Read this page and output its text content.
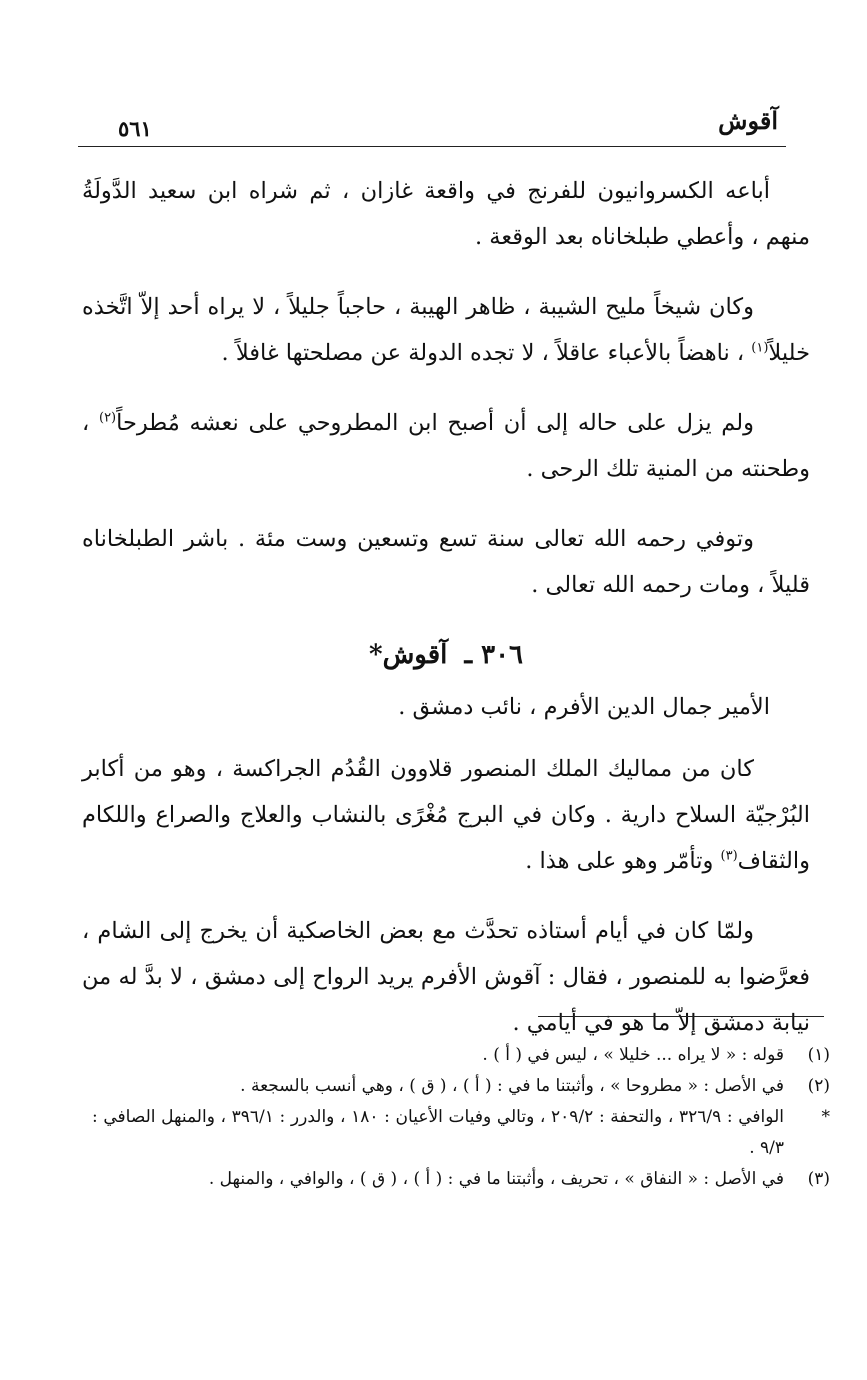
آقوش
٥٦١

أباعه الكسروانيون للفرنج في واقعة غازان ، ثم شراه ابن سعيد الدَّولَةُ منهم ، وأعطي طبلخاناه بعد الوقعة .

وكان شيخاً مليح الشيبة ، ظاهر الهيبة ، حاجباً جليلاً ، لا يراه أحد إلاّ اتَّخذه خليلاً$^{(١)}$ ، ناهضاً بالأعباء عاقلاً ، لا تجده الدولة عن مصلحتها غافلاً .

ولم يزل على حاله إلى أن أصبح ابن المطروحي على نعشه مُطرحاً$^{(٢)}$ ، وطحنته من المنية تلك الرحى .

وتوفي رحمه الله تعالى سنة تسع وتسعين وست مئة . باشر الطبلخاناه قليلاً ، ومات رحمه الله تعالى .

٣٠٦ ـ آقوش*

الأمير جمال الدين الأفرم ، نائب دمشق .

كان من مماليك الملك المنصور قلاوون القُدُم الجراكسة ، وهو من أكابر البُرْجيّة السلاح دارية . وكان في البرج مُغْرًى بالنشاب والعلاج والصراع واللكام والثقاف$^{(٣)}$ وتأمّر وهو على هذا .

ولمّا كان في أيام أستاذه تحدَّث مع بعض الخاصكية أن يخرج إلى الشام ، فعرَّضوا به للمنصور ، فقال : آقوش الأفرم يريد الرواح إلى دمشق ، لا بدَّ له من نيابة دمشق إلاّ ما هو في أيامي .

(١)
قوله : « لا يراه ... خليلا » ، ليس في ( أ ) .
(٢)
في الأصل : « مطروحا » ، وأثبتنا ما في : ( أ ) ، ( ق ) ، وهي أنسب بالسجعة .
*
الوافي : ٣٢٦/٩ ، والتحفة : ٢٠٩/٢ ، وتالي وفيات الأعيان : ١٨٠ ، والدرر : ٣٩٦/١ ، والمنهل الصافي : ٩/٣ .
(٣)
في الأصل : « النفاق » ، تحريف ، وأثبتنا ما في : ( أ ) ، ( ق ) ، والوافي ، والمنهل .
